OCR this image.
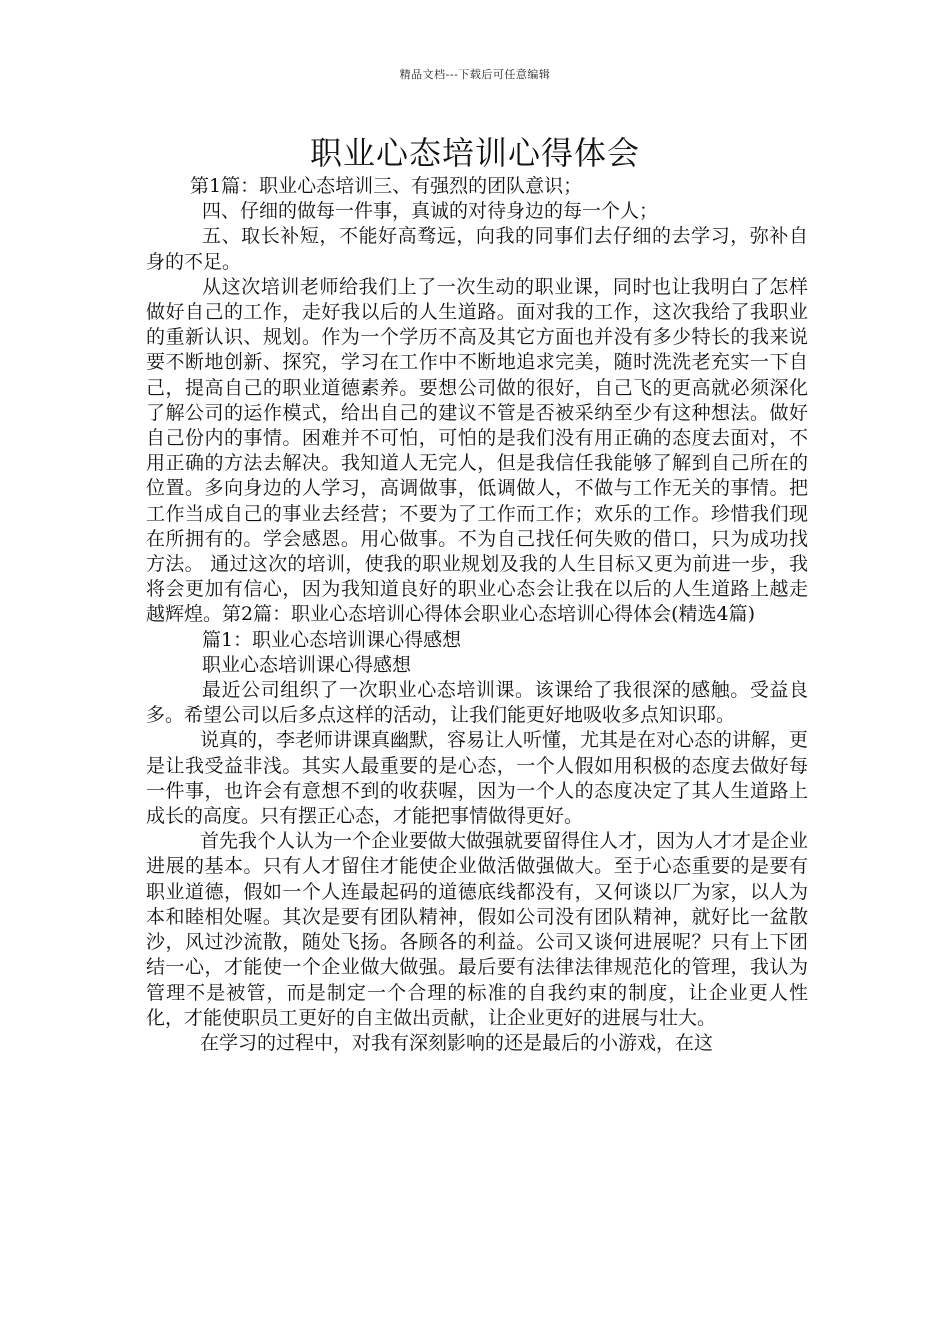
精品文档---下载后可任意编辑
职业心态培训心得体会

第1篇：职业心态培训三、有强烈的团队意识；

四、仔细的做每一件事，真诚的对待身边的每一个人；

五、取长补短，不能好高骛远，向我的同事们去仔细的去学习，弥补自身的不足。

从这次培训老师给我们上了一次生动的职业课，同时也让我明白了怎样做好自己的工作，走好我以后的人生道路。面对我的工作，这次我给了我职业的重新认识、规划。作为一个学历不高及其它方面也并没有多少特长的我来说要不断地创新、探究，学习在工作中不断地追求完美，随时洗洗老充实一下自己，提高自己的职业道德素养。要想公司做的很好，自己飞的更高就必须深化了解公司的运作模式，给出自己的建议不管是否被采纳至少有这种想法。做好自己份内的事情。困难并不可怕，可怕的是我们没有用正确的态度去面对，不用正确的方法去解决。我知道人无完人，但是我信任我能够了解到自己所在的位置。多向身边的人学习，高调做事，低调做人，不做与工作无关的事情。把工作当成自己的事业去经营；不要为了工作而工作；欢乐的工作。珍惜我们现在所拥有的。学会感恩。用心做事。不为自己找任何失败的借口，只为成功找方法。 通过这次的培训，使我的职业规划及我的人生目标又更为前进一步，我将会更加有信心，因为我知道良好的职业心态会让我在以后的人生道路上越走越辉煌。第2篇：职业心态培训心得体会职业心态培训心得体会(精选4篇)

篇1：职业心态培训课心得感想

职业心态培训课心得感想

最近公司组织了一次职业心态培训课。该课给了我很深的感触。受益良多。希望公司以后多点这样的活动，让我们能更好地吸收多点知识耶。

说真的，李老师讲课真幽默，容易让人听懂，尤其是在对心态的讲解，更是让我受益非浅。其实人最重要的是心态，一个人假如用积极的态度去做好每一件事，也许会有意想不到的收获喔，因为一个人的态度决定了其人生道路上成长的高度。只有摆正心态，才能把事情做得更好。

首先我个人认为一个企业要做大做强就要留得住人才，因为人才才是企业进展的基本。只有人才留住才能使企业做活做强做大。至于心态重要的是要有职业道德，假如一个人连最起码的道德底线都没有，又何谈以厂为家，以人为本和睦相处喔。其次是要有团队精神，假如公司没有团队精神，就好比一盆散沙，风过沙流散，随处飞扬。各顾各的利益。公司又谈何进展呢？只有上下团结一心，才能使一个企业做大做强。最后要有法律法律规范化的管理，我认为管理不是被管，而是制定一个合理的标准的自我约束的制度，让企业更人性化，才能使职员工更好的自主做出贡献，让企业更好的进展与壮大。

在学习的过程中，对我有深刻影响的还是最后的小游戏，在这
